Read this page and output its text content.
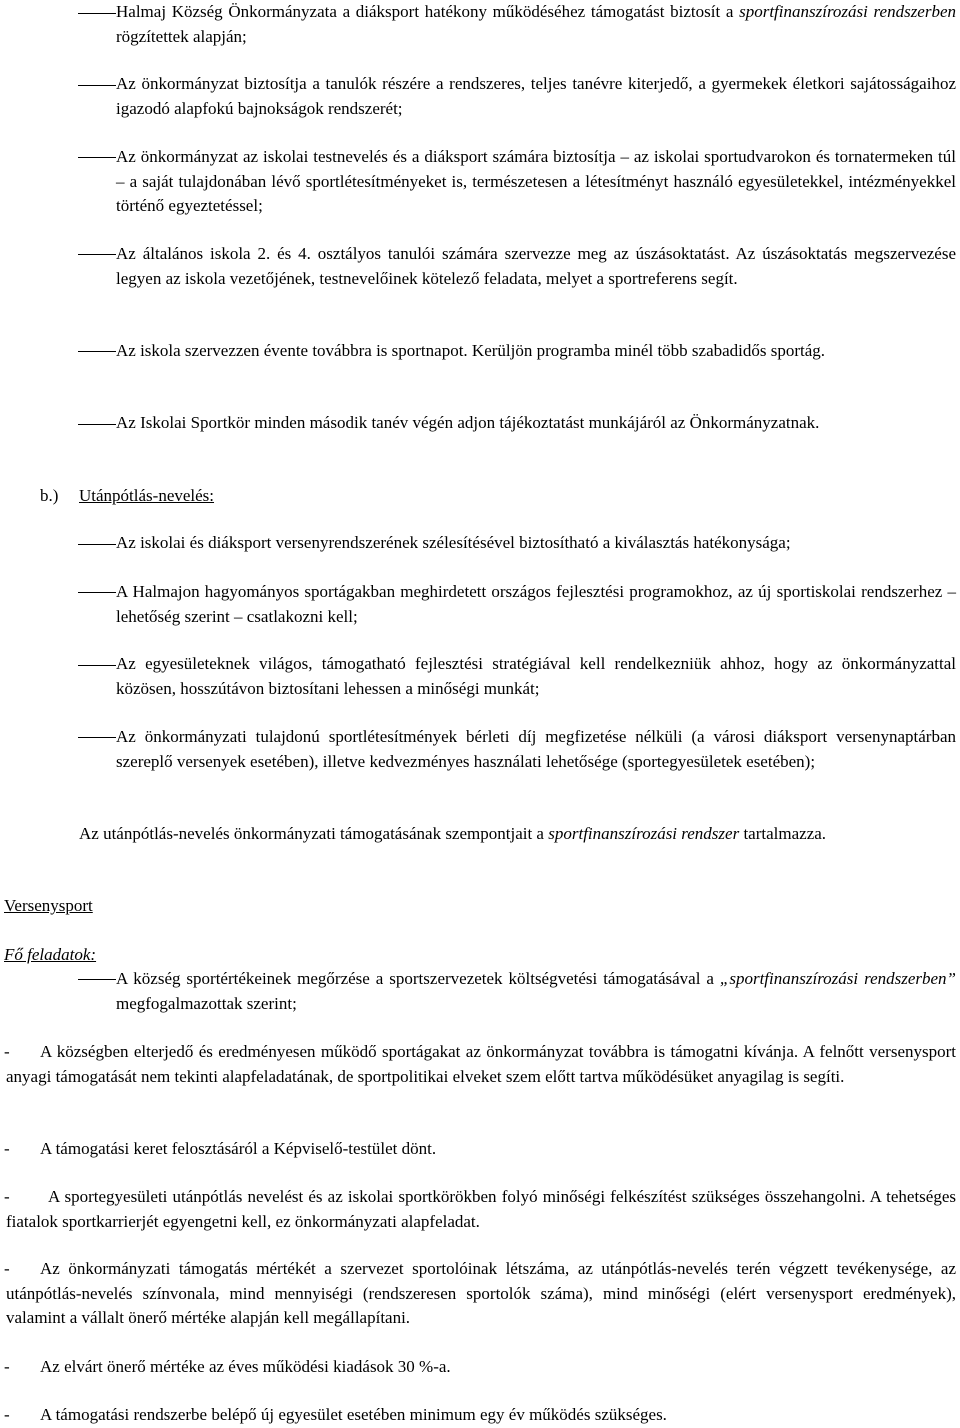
Halmaj Község Önkormányzata a diáksport hatékony működéséhez támogatást biztosít a sportfinanszírozási rendszerben rögzítettek alapján;
Az önkormányzat biztosítja a tanulók részére a rendszeres, teljes tanévre kiterjedő, a gyermekek életkori sajátosságaihoz igazodó alapfokú bajnokságok rendszerét;
Az önkormányzat az iskolai testnevelés és a diáksport számára biztosítja – az iskolai sportudvarokon és tornatermeken túl – a saját tulajdonában lévő sportlétesítményeket is, természetesen a létesítményt használó egyesületekkel, intézményekkel történő egyeztetéssel;
Az általános iskola 2. és 4. osztályos tanulói számára szervezze meg az úszásoktatást. Az úszásoktatás megszervezése legyen az iskola vezetőjének, testnevelőinek kötelező feladata, melyet a sportreferens segít.
Az iskola szervezzen évente továbbra is sportnapot. Kerüljön programba minél több szabadidős sportág.
Az Iskolai Sportkör minden második tanév végén adjon tájékoztatást munkájáról az Önkormányzatnak.
b.) Utánpótlás-nevelés:
Az iskolai és diáksport versenyrendszerének szélesítésével biztosítható a kiválasztás hatékonysága;
A Halmajon hagyományos sportágakban meghirdetett országos fejlesztési programokhoz, az új sportiskolai rendszerhez – lehetőség szerint – csatlakozni kell;
Az egyesületeknek világos, támogatható fejlesztési stratégiával kell rendelkezniük ahhoz, hogy az önkormányzattal közösen, hosszútávon biztosítani lehessen a minőségi munkát;
Az önkormányzati tulajdonú sportlétesítmények bérleti díj megfizetése nélküli (a városi diáksport versenynaptárban szereplő versenyek esetében), illetve kedvezményes használati lehetősége (sportegyesületek esetében);
Az utánpótlás-nevelés önkormányzati támogatásának szempontjait a sportfinanszírozási rendszer tartalmazza.
Versenysport
Fő feladatok:
A község sportértékeinek megőrzése a sportszervezetek költségvetési támogatásával a „sportfinanszírozási rendszerben” megfogalmazottak szerint;
-	A községben elterjedő és eredményesen működő sportágakat az önkormányzat továbbra is támogatni kívánja. A felnőtt versenysport anyagi támogatását nem tekinti alapfeladatának, de sportpolitikai elveket szem előtt tartva működésüket anyagilag is segíti.
-	A támogatási keret felosztásáról a Képviselő-testület dönt.
-	A sportegyesületi utánpótlás nevelést és az iskolai sportkörökben folyó minőségi felkészítést szükséges összehangolni. A tehetséges fiatalok sportkarrierjét egyengetni kell, ez önkormányzati alapfeladat.
-	Az önkormányzati támogatás mértékét a szervezet sportolóinak létszáma, az utánpótlás-nevelés terén végzett tevékenysége, az utánpótlás-nevelés színvonala, mind mennyiségi (rendszeresen sportolók száma), mind minőségi (elért versenysport eredmények), valamint a vállalt önerő mértéke alapján kell megállapítani.
-	Az elvárt önerő mértéke az éves működési kiadások 30 %-a.
-	A támogatási rendszerbe belépő új egyesület esetében minimum egy év működés szükséges.
